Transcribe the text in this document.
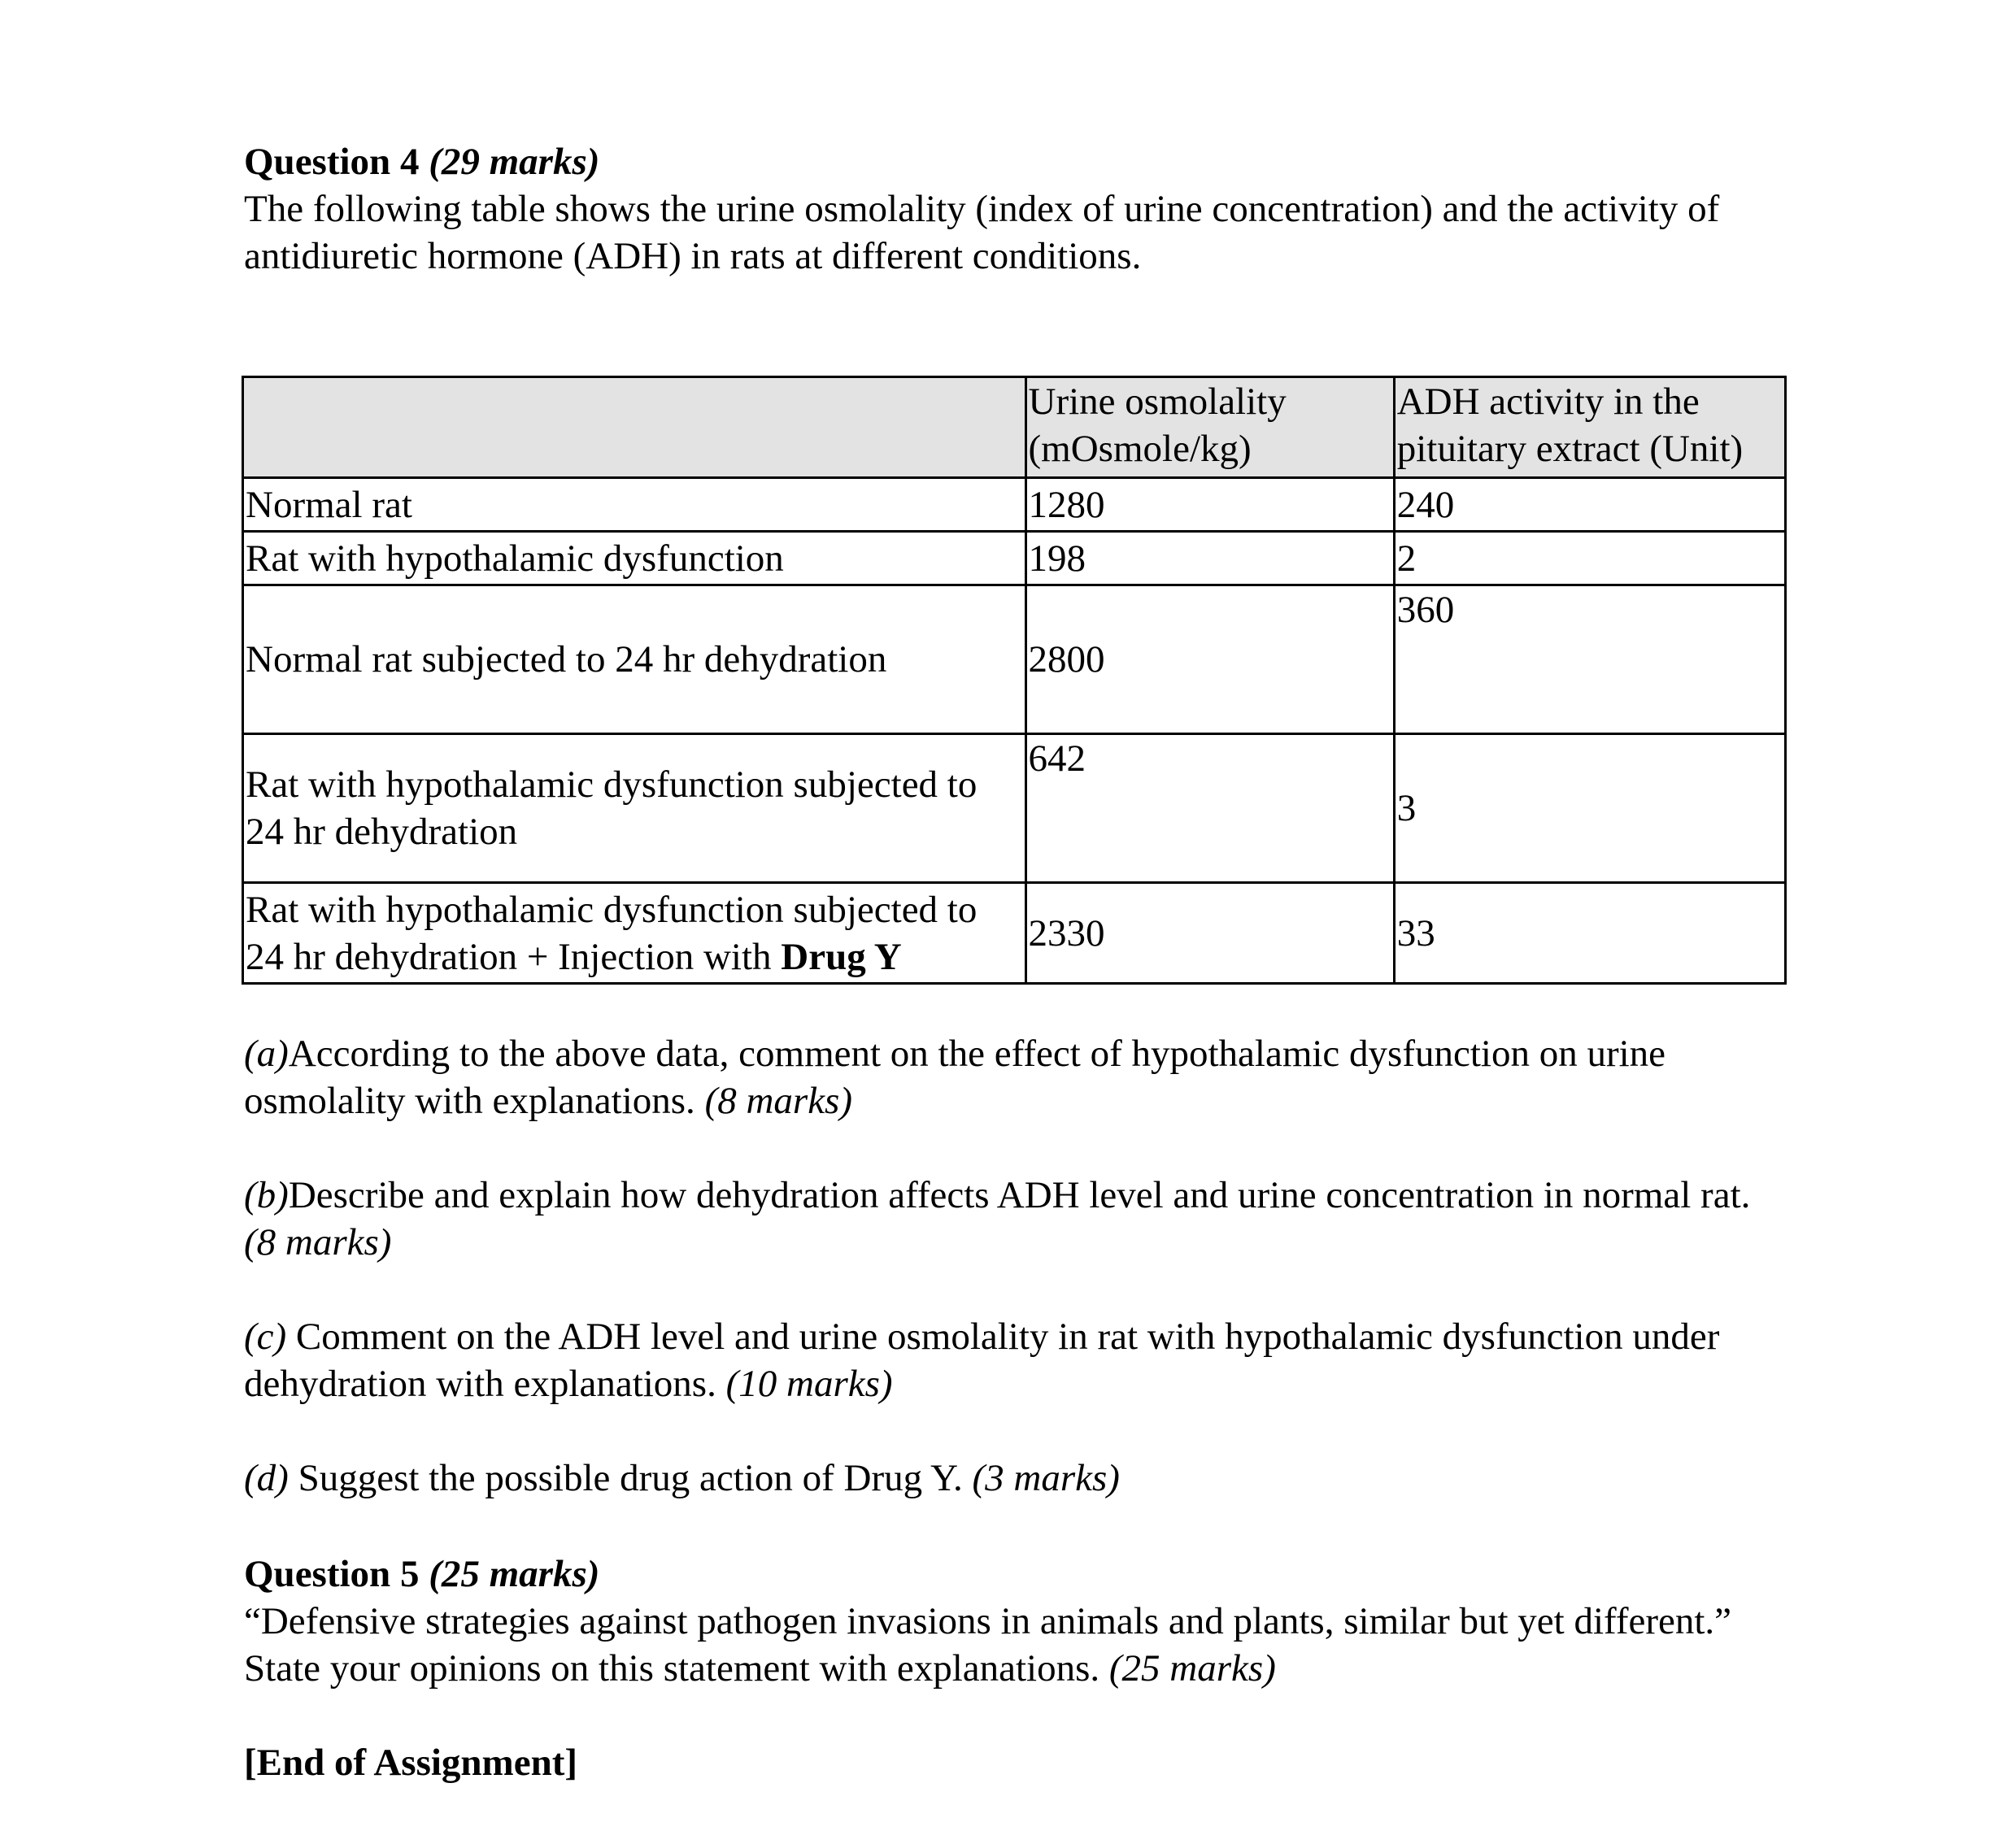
Question 4 (29 marks)

The following table shows the urine osmolality (index of urine concentration) and the activity of antidiuretic hormone (ADH) in rats at different conditions.

	Urine osmolality (mOsmole/kg)	ADH activity in the pituitary extract (Unit)
Normal rat	1280	240
Rat with hypothalamic dysfunction	198	2
Normal rat subjected to 24 hr dehydration	2800	360
Rat with hypothalamic dysfunction subjected to 24 hr dehydration	642	3
Rat with hypothalamic dysfunction subjected to 24 hr dehydration + Injection with Drug Y	2330	33

(a)According to the above data, comment on the effect of hypothalamic dysfunction on urine osmolality with explanations. (8 marks)

(b)Describe and explain how dehydration affects ADH level and urine concentration in normal rat. (8 marks)

(c) Comment on the ADH level and urine osmolality in rat with hypothalamic dysfunction under dehydration with explanations. (10 marks)

(d) Suggest the possible drug action of Drug Y. (3 marks)

Question 5 (25 marks)

“Defensive strategies against pathogen invasions in animals and plants, similar but yet different.” State your opinions on this statement with explanations. (25 marks)

[End of Assignment]
